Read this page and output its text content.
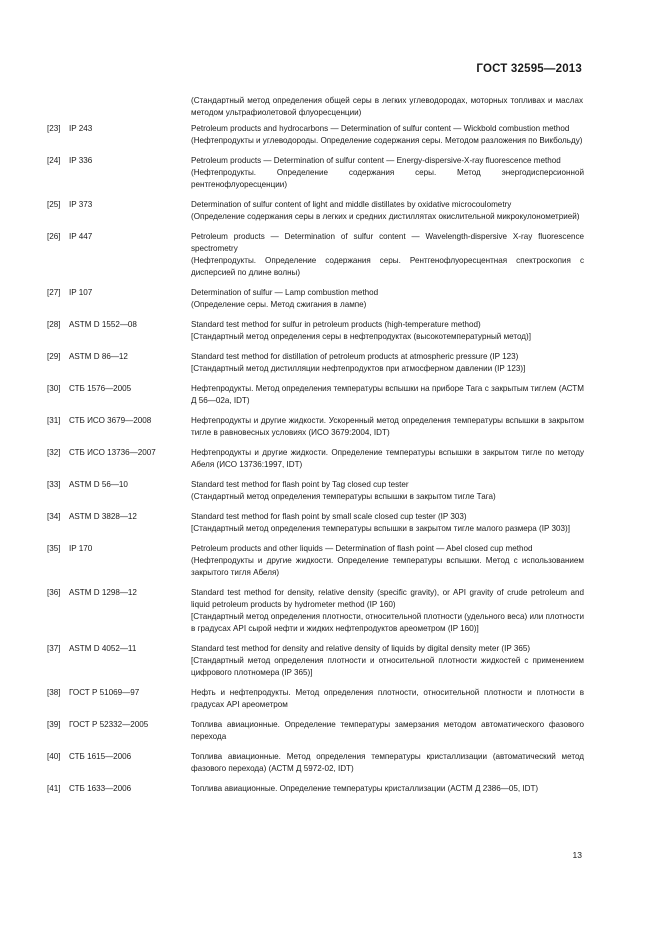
ГОСТ 32595—2013
(Стандартный метод определения общей серы в легких углеводородах, моторных топливах и маслах методом ультрафиолетовой флуоресценции)
[23]	IP 243	Petroleum products and hydrocarbons — Determination of sulfur content — Wickbold combustion method
(Нефтепродукты и углеводороды. Определение содержания серы. Методом разложения по Викбольду)
[24]	IP 336	Petroleum products — Determination of sulfur content — Energy-dispersive-X-ray fluorescence method
(Нефтепродукты. Определение содержания серы. Метод энергодисперсионной рентгенофлуоресценции)
[25]	IP 373	Determination of sulfur content of light and middle distillates by oxidative microcoulometry
(Определение содержания серы в легких и средних дистиллятах окислительной микрокулонометрией)
[26]	IP 447	Petroleum products — Determination of sulfur content — Wavelength-dispersive X-ray fluorescence spectrometry
(Нефтепродукты. Определение содержания серы. Рентгенофлуоресцентная спектроскопия с дисперсией по длине волны)
[27]	IP 107	Determination of sulfur — Lamp combustion method
(Определение серы. Метод сжигания в лампе)
[28]	ASTM D 1552—08	Standard test method for sulfur in petroleum products (high-temperature method)
[Стандартный метод определения серы в нефтепродуктах (высокотемпературный метод)]
[29]	ASTM D 86—12	Standard test method for distillation of petroleum products at atmospheric pressure (IP 123)
[Стандартный метод дистилляции нефтепродуктов при атмосферном давлении (IP 123)]
[30]	СТБ 1576—2005	Нефтепродукты. Метод определения температуры вспышки на приборе Тага с закрытым тиглем (АСТМ Д 56—02а, IDT)
[31]	СТБ ИСО 3679—2008	Нефтепродукты и другие жидкости. Ускоренный метод определения температуры вспышки в закрытом тигле в равновесных условиях (ИСО 3679:2004, IDT)
[32]	СТБ ИСО 13736—2007	Нефтепродукты и другие жидкости. Определение температуры вспышки в закрытом тигле по методу Абеля (ИСО 13736:1997, IDT)
[33]	ASTM D 56—10	Standard test method for flash point by Tag closed cup tester
(Стандартный метод определения температуры вспышки в закрытом тигле Тага)
[34]	ASTM D 3828—12	Standard test method for flash point by small scale closed cup tester (IP 303)
[Стандартный метод определения температуры вспышки в закрытом тигле малого размера (IP 303)]
[35]	IP 170	Petroleum products and other liquids — Determination of flash point — Abel closed cup method
(Нефтепродукты и другие жидкости. Определение температуры вспышки. Метод с использованием закрытого тигля Абеля)
[36]	ASTM D 1298—12	Standard test method for density, relative density (specific gravity), or API gravity of crude petroleum and liquid petroleum products by hydrometer method (IP 160)
[Стандартный метод определения плотности, относительной плотности (удельного веса) или плотности в градусах API сырой нефти и жидких нефтепродуктов ареометром (IP 160)]
[37]	ASTM D 4052—11	Standard test method for density and relative density of liquids by digital density meter (IP 365)
[Стандартный метод определения плотности и относительной плотности жидкостей с применением цифрового плотномера (IP 365)]
[38]	ГОСТ Р 51069—97	Нефть и нефтепродукты. Метод определения плотности, относительной плотности и плотности в градусах API ареометром
[39]	ГОСТ Р 52332—2005	Топлива авиационные. Определение температуры замерзания методом автоматического фазового перехода
[40]	СТБ 1615—2006	Топлива авиационные. Метод определения температуры кристаллизации (автоматический метод фазового перехода) (АСТМ Д 5972-02, IDT)
[41]	СТБ 1633—2006	Топлива авиационные. Определение температуры кристаллизации (АСТМ Д 2386—05, IDT)
13
